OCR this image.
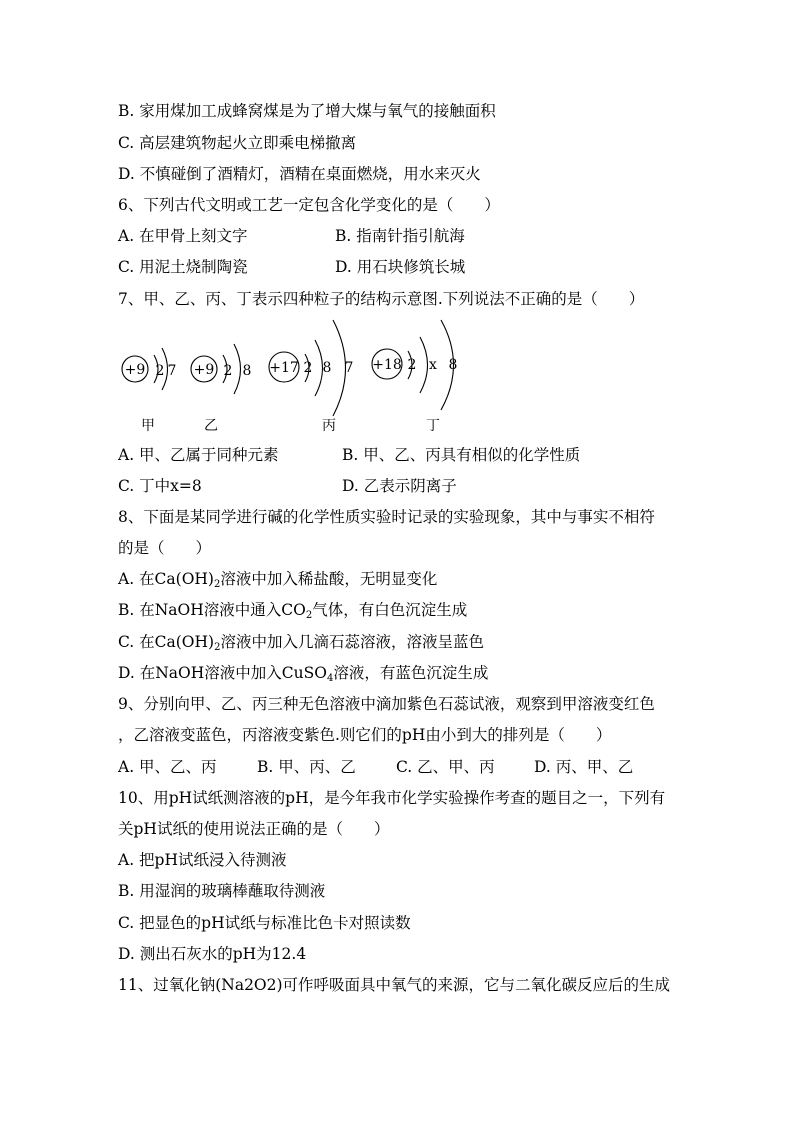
B. 家用煤加工成蜂窝煤是为了增大煤与氧气的接触面积
C. 高层建筑物起火立即乘电梯撤离
D. 不慎碰倒了酒精灯，酒精在桌面燃烧，用水来灭火
6、下列古代文明或工艺一定包含化学变化的是（　　）
A. 在甲骨上刻文字	B. 指南针指引航海
C. 用泥土烧制陶瓷	D. 用石块修筑长城
7、甲、乙、丙、丁表示四种粒子的结构示意图.下列说法不正确的是（　　）
+9 2 7
甲
+9 2 8
乙
+17 2 8 7
丙
+18 2 x 8
丁
A. 甲、乙属于同种元素	B. 甲、乙、丙具有相似的化学性质
C. 丁中x=8	D. 乙表示阴离子
8、下面是某同学进行碱的化学性质实验时记录的实验现象，其中与事实不相符
的是（　　）
A. 在$Ca(OH)_2$溶液中加入稀盐酸，无明显变化
B. 在NaOH溶液中通入$CO_2$气体，有白色沉淀生成
C. 在$Ca(OH)_2$溶液中加入几滴石蕊溶液，溶液呈蓝色
D. 在NaOH溶液中加入CuSO$_4$溶液，有蓝色沉淀生成
9、分别向甲、乙、丙三种无色溶液中滴加紫色石蕊试液，观察到甲溶液变红色
，乙溶液变蓝色，丙溶液变紫色.则它们的pH由小到大的排列是（　　）
A. 甲、乙、丙	B. 甲、丙、乙	C. 乙、甲、丙	D. 丙、甲、乙
10、用pH试纸测溶液的pH，是今年我市化学实验操作考查的题目之一，下列有
关pH试纸的使用说法正确的是（　　）
A. 把pH试纸浸入待测液
B. 用湿润的玻璃棒蘸取待测液
C. 把显色的pH试纸与标准比色卡对照读数
D. 测出石灰水的pH为12.4
11、过氧化钠(Na2O2)可作呼吸面具中氧气的来源，它与二氧化碳反应后的生成
